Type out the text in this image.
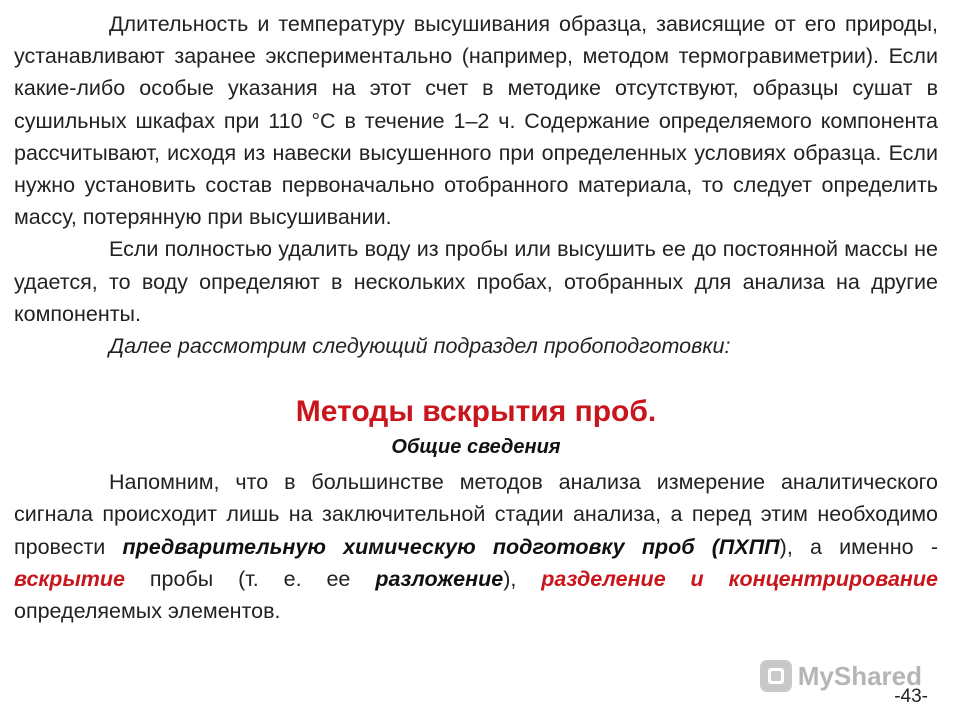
Длительность и температуру высушивания образца, зависящие от его природы, устанавливают заранее экспериментально (например, методом термогравиметрии). Если какие-либо особые указания на этот счет в методике отсутствуют, образцы сушат в сушильных шкафах при 110 °С в течение 1–2 ч. Содержание определяемого компонента рассчитывают, исходя из навески высушенного при определенных условиях образца. Если нужно установить состав первоначально отобранного материала, то следует определить массу, потерянную при высушивании.

Если полностью удалить воду из пробы или высушить ее до постоянной массы не удается, то воду определяют в нескольких пробах, отобранных для анализа на другие компоненты.

Далее рассмотрим следующий подраздел пробоподготовки:

Методы вскрытия проб.
Общие сведения

Напомним, что в большинстве методов анализа измерение аналитического сигнала происходит лишь на заключительной стадии анализа, а перед этим необходимо провести предварительную химическую подготовку проб (ПХПП), а именно - вскрытие пробы (т. е. ее разложение), разделение и концентрирование определяемых элементов.

MyShared
-43-
